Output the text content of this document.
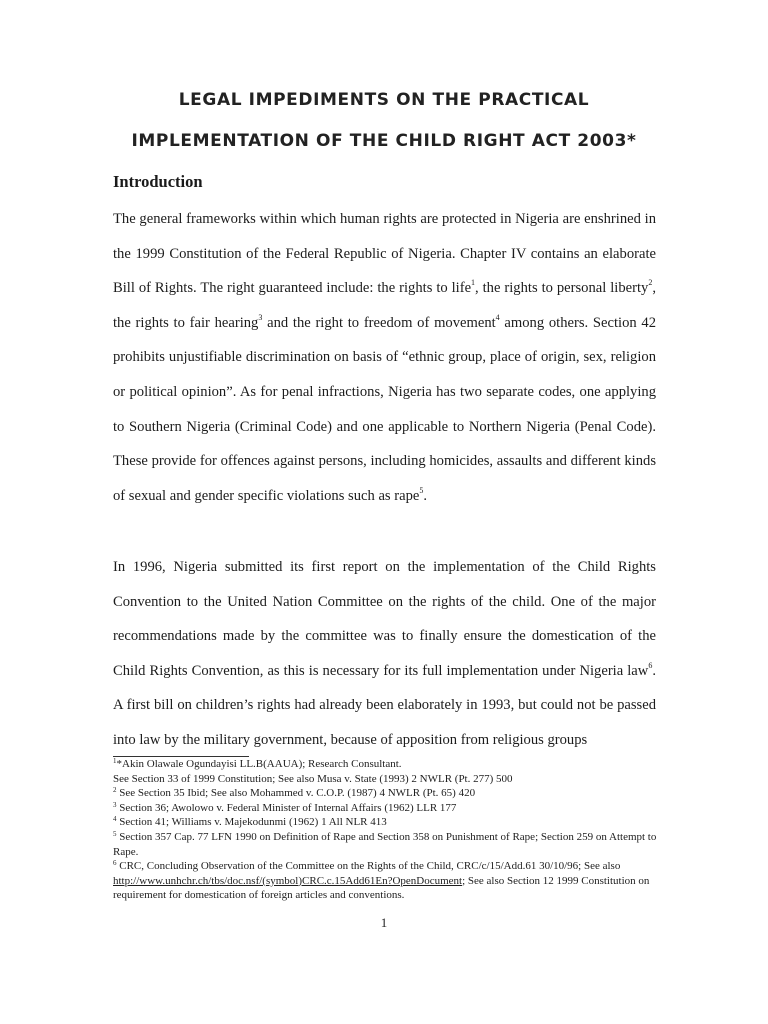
LEGAL IMPEDIMENTS ON THE PRACTICAL
IMPLEMENTATION OF THE CHILD RIGHT ACT 2003*
Introduction
The general frameworks within which human rights are protected in Nigeria are enshrined in the 1999 Constitution of the Federal Republic of Nigeria. Chapter IV contains an elaborate Bill of Rights. The right guaranteed include: the rights to life$^1$, the rights to personal liberty$^2$, the rights to fair hearing$^3$ and the right to freedom of movement$^4$ among others. Section 42 prohibits unjustifiable discrimination on basis of “ethnic group, place of origin, sex, religion or political opinion”. As for penal infractions, Nigeria has two separate codes, one applying to Southern Nigeria (Criminal Code) and one applicable to Northern Nigeria (Penal Code). These provide for offences against persons, including homicides, assaults and different kinds of sexual and gender specific violations such as rape$^5$.
In 1996, Nigeria submitted its first report on the implementation of the Child Rights Convention to the United Nation Committee on the rights of the child. One of the major recommendations made by the committee was to finally ensure the domestication of the Child Rights Convention, as this is necessary for its full implementation under Nigeria law$^6$. A first bill on children’s rights had already been elaborately in 1993, but could not be passed into law by the military government, because of apposition from religious groups

$^1$*Akin Olawale Ogundayisi LL.B(AAUA); Research Consultant.

See Section 33 of 1999 Constitution; See also Musa v. State (1993) 2 NWLR (Pt. 277) 500

$^2$ See Section 35 Ibid; See also Mohammed v. C.O.P. (1987) 4 NWLR (Pt. 65) 420

$^3$ Section 36; Awolowo v. Federal Minister of Internal Affairs (1962) LLR 177

$^4$ Section 41; Williams v. Majekodunmi (1962) 1 All NLR 413

$^5$ Section 357 Cap. 77 LFN 1990 on Definition of Rape and Section 358 on Punishment of Rape; Section 259 on Attempt to Rape.

$^6$ CRC, Concluding Observation of the Committee on the Rights of the Child, CRC/c/15/Add.61 30/10/96; See also http://www.unhchr.ch/tbs/doc.nsf/(symbol)CRC.c.15Add61En?OpenDocument; See also Section 12 1999 Constitution on requirement for domestication of foreign articles and conventions.

1
